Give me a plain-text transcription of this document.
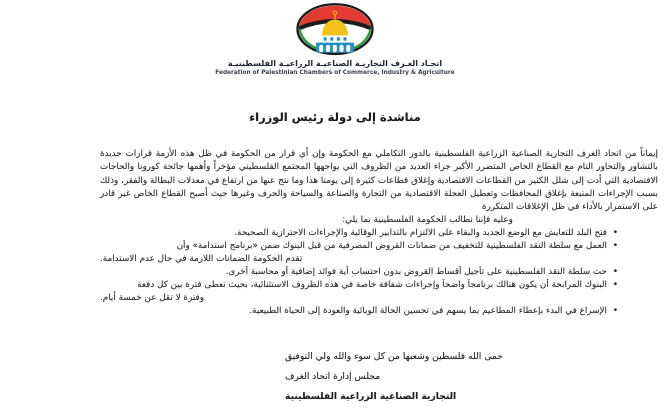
اتحـاد الغـرف التجاريـة الصناعيـة الزراعيـة الفلسطينيـة
Federation of Palestinian Chambers of Commerce, Industry & Agriculture
مناشدة إلى دولة رئيس الوزراء

إيماناً من اتحاد الغرف التجارية الصناعية الزراعية الفلسطينية بالدور التكاملي مع الحكومة وإن أي قرار من الحكومة في ظل هذه الأزمة قرارات جديدة بالتشاور والتحاور التام مع القطاع الخاص المتضرر الأكبر جراء العديد من الظروف التي يواجهها المجتمع الفلسطيني مؤخراً وأهمها جائحة كورونا والحاجات الاقتصادية التي أدت إلى شلل الكثير من القطاعات الاقتصادية وإغلاق قطاعات كثيرة إلى يومنا هذا وما نتج عنها من ارتفاع في معدلات البطالة والفقر، وذلك بسبب الإجراءات المتبعة بإغلاق المحافظات وتعطيل العجلة الاقتصادية من التجارة والصناعة والسياحة والحرف وغيرها حيث أصبح القطاع الخاص غير قادر على الاستمرار بالأداء في ظل الإغلاقات المتكررة

وعليه فإننا نطالب الحكومة الفلسطينية بما يلي:
•
فتح البلد للتعايش مع الوضع الجديد والبقاء على الالتزام بالتدابير الوقائية والإجراءات الاحترازية الصحيحة.
•
العمل مع سلطة النقد الفلسطينية للتخفيف من ضمانات القروض المصرفية من قبل البنوك ضمن «برنامج استدامة» وأن
تقدم الحكومة الضمانات اللازمة في حال عدم الاستدامة.
•
حث سلطة النقد الفلسطينية على تأجيل أقساط القروض بدون احتساب أية فوائد إضافية أو محاسبة أخرى.
•
البنوك المرابحة أن يكون هنالك برنامجاً واضحاً وإجراءات شفافة خاصة في هذه الظروف الاستثنائية، بحيث تعطى فترة بين كل دفعة
وفترة لا تقل عن خمسة أيام.
•
الإسراع في البدء بإعطاء المطاعيم بما يسهم في تحسين الحالة الوبائية والعودة إلى الحياة الطبيعية.
حمى الله فلسطين وشعبها من كل سوء والله ولي التوفيق
مجلس إدارة اتحاد الغرف
التجارية الصناعية الزراعية الفلسطينية
